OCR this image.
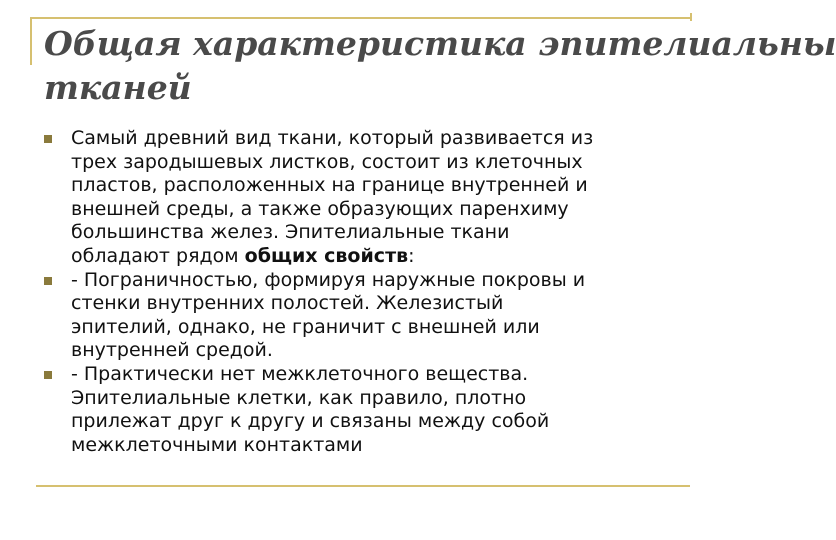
Общая характеристика эпителиальны
тканей
Самый древний вид ткани, который развивается из
трех зародышевых листков, состоит из клеточных
пластов, расположенных на границе внутренней и
внешней среды, а также образующих паренхиму
большинства желез. Эпителиальные ткани
обладают рядом общих свойств:
- Пограничностью, формируя наружные покровы и
стенки внутренних полостей. Железистый
эпителий, однако, не граничит с внешней или
внутренней средой.
- Практически нет межклеточного вещества.
Эпителиальные клетки, как правило, плотно
прилежат друг к другу и связаны между собой
межклеточными контактами
